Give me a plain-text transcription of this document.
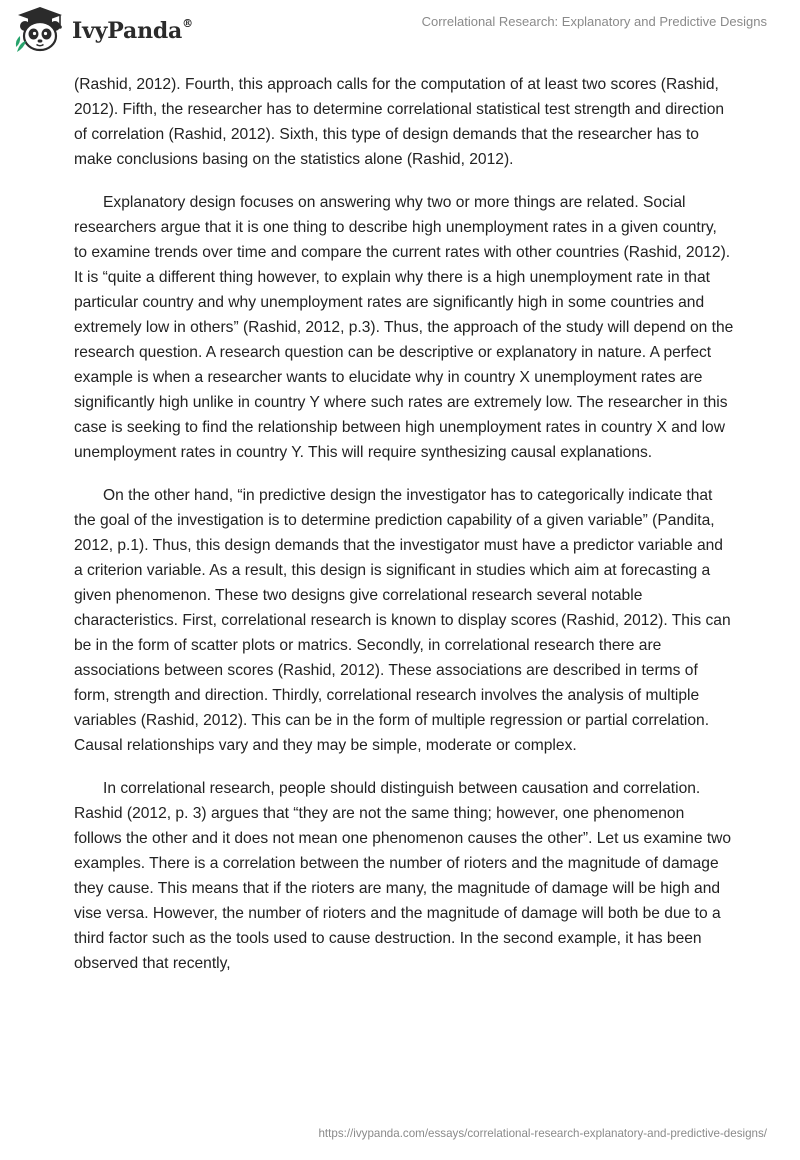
IvyPanda®	Correlational Research: Explanatory and Predictive Designs

(Rashid, 2012). Fourth, this approach calls for the computation of at least two scores (Rashid, 2012). Fifth, the researcher has to determine correlational statistical test strength and direction of correlation (Rashid, 2012). Sixth, this type of design demands that the researcher has to make conclusions basing on the statistics alone (Rashid, 2012).

Explanatory design focuses on answering why two or more things are related. Social researchers argue that it is one thing to describe high unemployment rates in a given country, to examine trends over time and compare the current rates with other countries (Rashid, 2012). It is “quite a different thing however, to explain why there is a high unemployment rate in that particular country and why unemployment rates are significantly high in some countries and extremely low in others” (Rashid, 2012, p.3). Thus, the approach of the study will depend on the research question. A research question can be descriptive or explanatory in nature. A perfect example is when a researcher wants to elucidate why in country X unemployment rates are significantly high unlike in country Y where such rates are extremely low. The researcher in this case is seeking to find the relationship between high unemployment rates in country X and low unemployment rates in country Y. This will require synthesizing causal explanations.

On the other hand, “in predictive design the investigator has to categorically indicate that the goal of the investigation is to determine prediction capability of a given variable” (Pandita, 2012, p.1). Thus, this design demands that the investigator must have a predictor variable and a criterion variable. As a result, this design is significant in studies which aim at forecasting a given phenomenon. These two designs give correlational research several notable characteristics. First, correlational research is known to display scores (Rashid, 2012). This can be in the form of scatter plots or matrics. Secondly, in correlational research there are associations between scores (Rashid, 2012). These associations are described in terms of form, strength and direction. Thirdly, correlational research involves the analysis of multiple variables (Rashid, 2012). This can be in the form of multiple regression or partial correlation. Causal relationships vary and they may be simple, moderate or complex.

In correlational research, people should distinguish between causation and correlation. Rashid (2012, p. 3) argues that “they are not the same thing; however, one phenomenon follows the other and it does not mean one phenomenon causes the other”. Let us examine two examples. There is a correlation between the number of rioters and the magnitude of damage they cause. This means that if the rioters are many, the magnitude of damage will be high and vise versa. However, the number of rioters and the magnitude of damage will both be due to a third factor such as the tools used to cause destruction. In the second example, it has been observed that recently,

https://ivypanda.com/essays/correlational-research-explanatory-and-predictive-designs/
